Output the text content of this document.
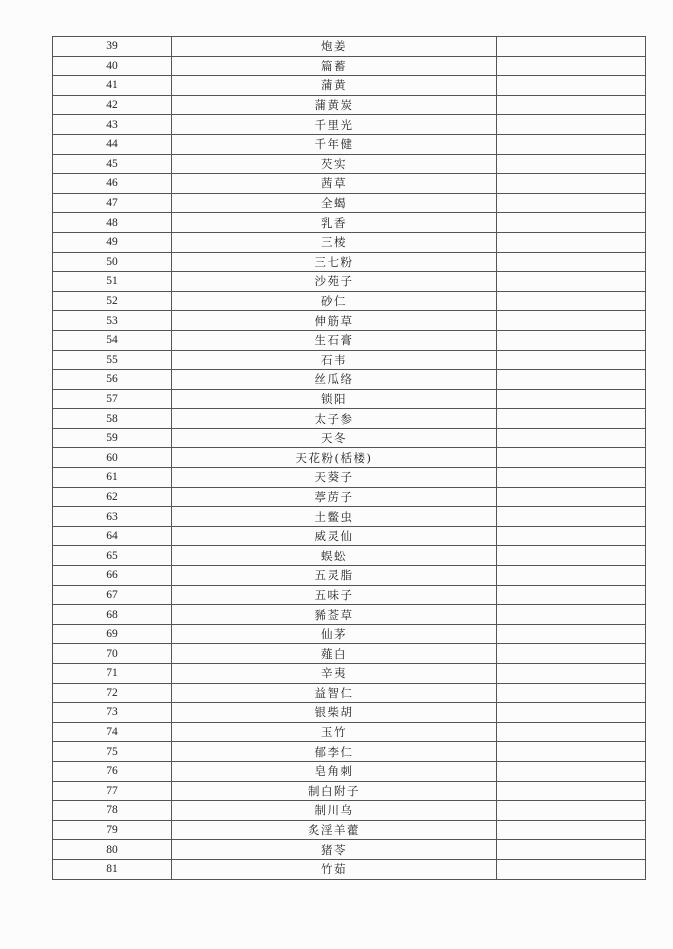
39	炮姜	
40	篇蓄	
41	蒲黄	
42	蒲黄炭	
43	千里光	
44	千年健	
45	芡实	
46	茜草	
47	全蝎	
48	乳香	
49	三棱	
50	三七粉	
51	沙苑子	
52	砂仁	
53	伸筋草	
54	生石膏	
55	石韦	
56	丝瓜络	
57	锁阳	
58	太子参	
59	天冬	
60	天花粉(栝楼)	
61	天葵子	
62	葶苈子	
63	土鳖虫	
64	威灵仙	
65	蜈蚣	
66	五灵脂	
67	五味子	
68	豨莶草	
69	仙茅	
70	薤白	
71	辛夷	
72	益智仁	
73	银柴胡	
74	玉竹	
75	郁李仁	
76	皂角刺	
77	制白附子	
78	制川乌	
79	炙淫羊藿	
80	猪苓	
81	竹茹	
